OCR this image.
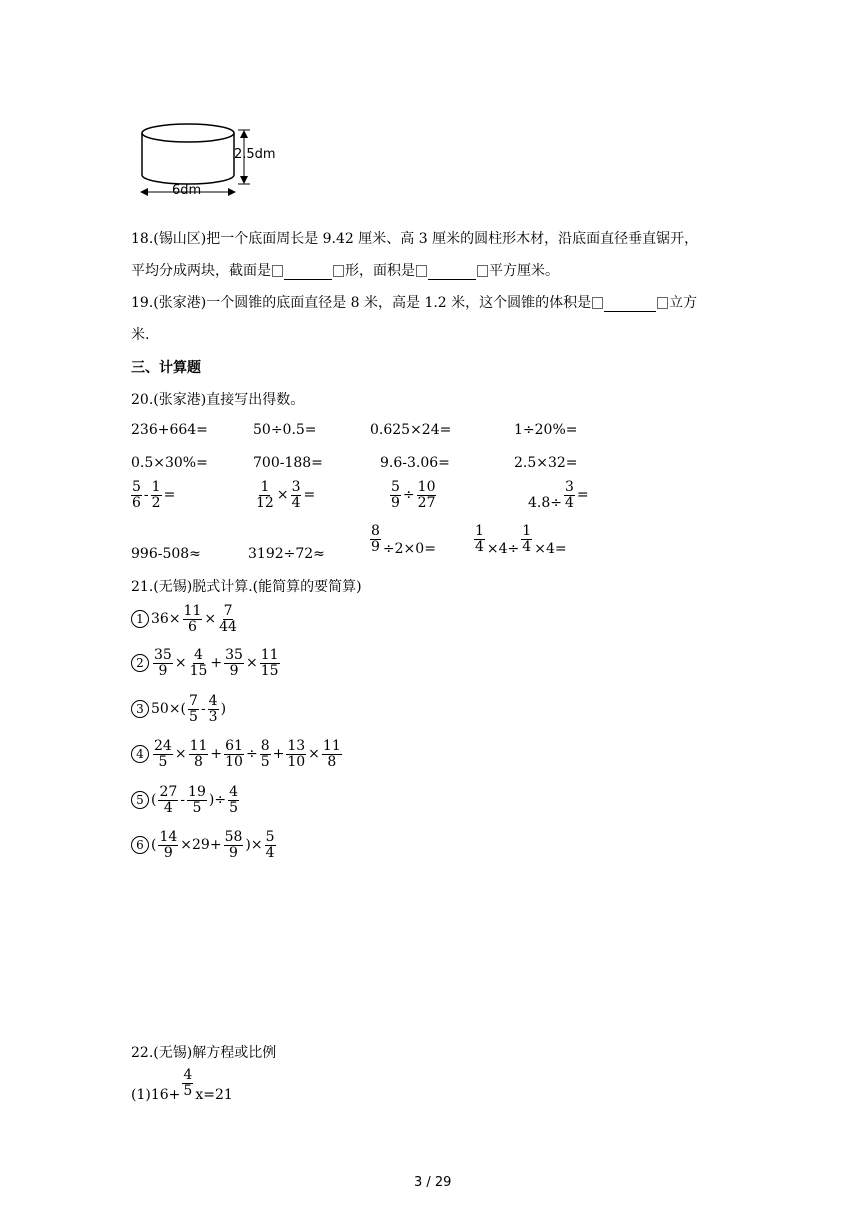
2.5dm
6dm
18.(锡山区)把一个底面周长是 9.42 厘米、高 3 厘米的圆柱形木材，沿底面直径垂直锯开，
平均分成两块，截面是	形，面积是	平方厘米。
19.(张家港)一个圆锥的底面直径是 8 米，高是 1.2 米，这个圆锥的体积是	立方
米.
三、计算题
20.(张家港)直接写出得数。
236+664=	50÷0.5=	0.625×24=	1÷20%=
0.5×30%=	700-188=	9.6-3.06=	2.5×32=
$\frac{5}{6} - \frac{1}{2}$ =	$\frac{1}{12} \times \frac{3}{4}$ =	$\frac{5}{9} \div \frac{10}{27}$	$4.8\div \frac{3}{4}$ =
996-508≈	3192÷72≈	$\frac{8}{9} \div 2\times 0=$	$\frac{1}{4} \times 4\div \frac{1}{4} \times 4=$
21.(无锡)脱式计算.(能简算的要简算)
1 $36\times \frac{11}{6} \times \frac{7}{44}$
$2 \frac{35}{9} \times \frac{4}{15} + \frac{35}{9} \times \frac{11}{15}$
3 $50\times( \frac{7}{5} - \frac{4}{3}$ )
$4 \frac{24}{5} \times \frac{11}{8} + \frac{61}{10} \div \frac{8}{5} + \frac{13}{10} \times \frac{11}{8}$
5 ( $\frac{27}{4} - \frac{19}{5}$ )÷ $\frac{4}{5}$
6 ( $\frac{14}{9} \times 29+ \frac{58}{9}$ )× $\frac{5}{4}$
22.(无锡)解方程或比例
$(1)16+ \frac{4}{5} x=21$
3 / 29
